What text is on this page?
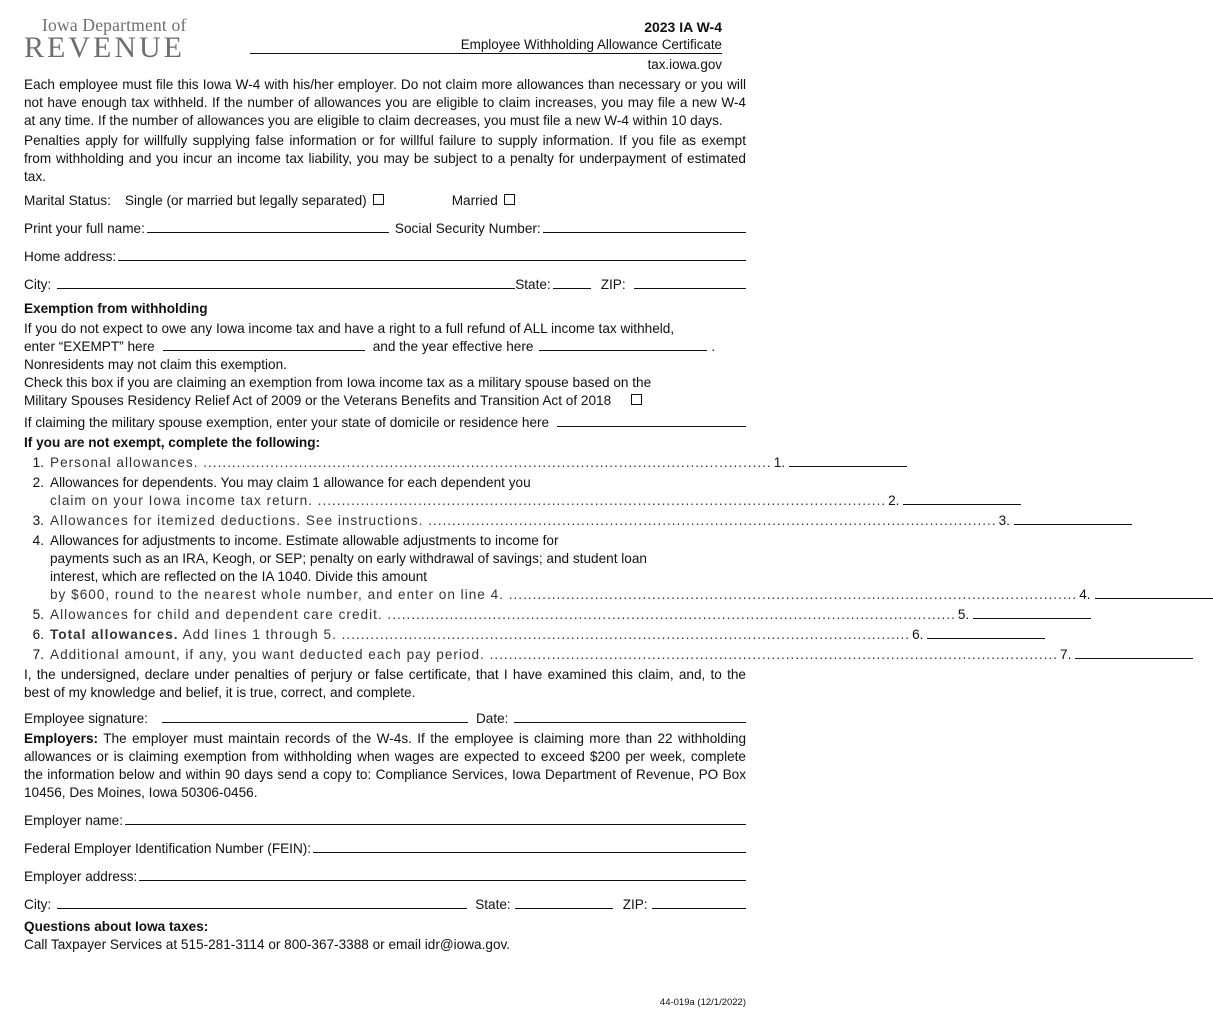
Iowa Department of
REVENUE
2023 IA W-4
Employee Withholding Allowance Certificate
tax.iowa.gov

Each employee must file this Iowa W-4 with his/her employer. Do not claim more allowances than necessary or you will not have enough tax withheld. If the number of allowances you are eligible to claim increases, you may file a new W-4 at any time. If the number of allowances you are eligible to claim decreases, you must file a new W-4 within 10 days.

Penalties apply for willfully supplying false information or for willful failure to supply information. If you file as exempt from withholding and you incur an income tax liability, you may be subject to a penalty for underpayment of estimated tax.

Marital Status: Single (or married but legally separated)	Married
Print your full name:	Social Security Number:
Home address:
City:	State:	ZIP:
Exemption from withholding
If you do not expect to owe any Iowa income tax and have a right to a full refund of ALL income tax withheld,
enter “EXEMPT” here	and the year effective here	.
Nonresidents may not claim this exemption.

Check this box if you are claiming an exemption from Iowa income tax as a military spouse based on the

Military Spouses Residency Relief Act of 2009 or the Veterans Benefits and Transition Act of 2018
If claiming the military spouse exemption, enter your state of domicile or residence here
If you are not exempt, complete the following:
1. Personal allowances. ....................................................................................................................... 1.
2. Allowances for dependents. You may claim 1 allowance for each dependent you
claim on your Iowa income tax return. ....................................................................................................................... 2.
3. Allowances for itemized deductions. See instructions. ....................................................................................................................... 3.
4. Allowances for adjustments to income. Estimate allowable adjustments to income for
payments such as an IRA, Keogh, or SEP; penalty on early withdrawal of savings; and student loan
interest, which are reflected on the IA 1040. Divide this amount
by $600, round to the nearest whole number, and enter on line 4. ....................................................................................................................... 4.
5. Allowances for child and dependent care credit. ....................................................................................................................... 5.
6. Total allowances. Add lines 1 through 5. ....................................................................................................................... 6.
7. Additional amount, if any, you want deducted each pay period. ....................................................................................................................... 7.

I, the undersigned, declare under penalties of perjury or false certificate, that I have examined this claim, and, to the best of my knowledge and belief, it is true, correct, and complete.

Employee signature:	Date:

Employers: The employer must maintain records of the W-4s. If the employee is claiming more than 22 withholding allowances or is claiming exemption from withholding when wages are expected to exceed $200 per week, complete the information below and within 90 days send a copy to: Compliance Services, Iowa Department of Revenue, PO Box 10456, Des Moines, Iowa 50306-0456.

Employer name:
Federal Employer Identification Number (FEIN):
Employer address:
City:	State:	ZIP:
Questions about Iowa taxes:
Call Taxpayer Services at 515-281-3114 or 800-367-3388 or email idr@iowa.gov.
44-019a (12/1/2022)
